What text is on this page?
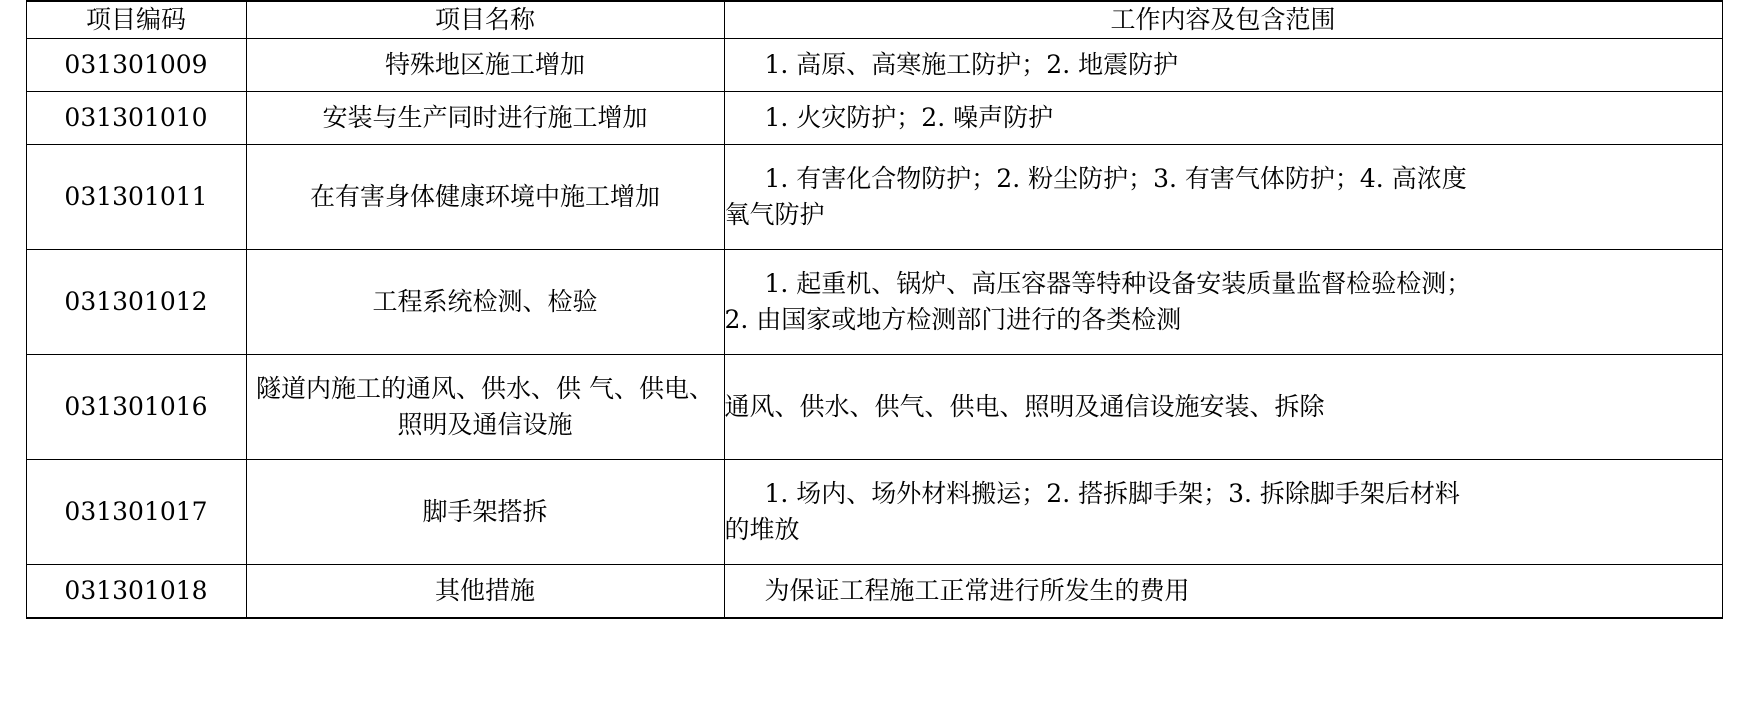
项目编码	项目名称	工作内容及包含范围
031301009	特殊地区施工增加	1. 高原、高寒施工防护；2. 地震防护

031301010	安装与生产同时进行施工增加	1. 火灾防护；2. 噪声防护

031301011	在有害身体健康环境中施工增加	1. 有害化合物防护；2. 粉尘防护；3. 有害气体防护；4. 高浓度
氧气防护

031301012	工程系统检测、检验	1. 起重机、锅炉、高压容器等特种设备安装质量监督检验检测；
2. 由国家或地方检测部门进行的各类检测

031301016	隧道内施工的通风、供水、供 气、供电、照明及通信设施	通风、供水、供气、供电、照明及通信设施安装、拆除

031301017	脚手架搭拆	1. 场内、场外材料搬运；2. 搭拆脚手架；3. 拆除脚手架后材料
的堆放

031301018	其他措施	为保证工程施工正常进行所发生的费用
